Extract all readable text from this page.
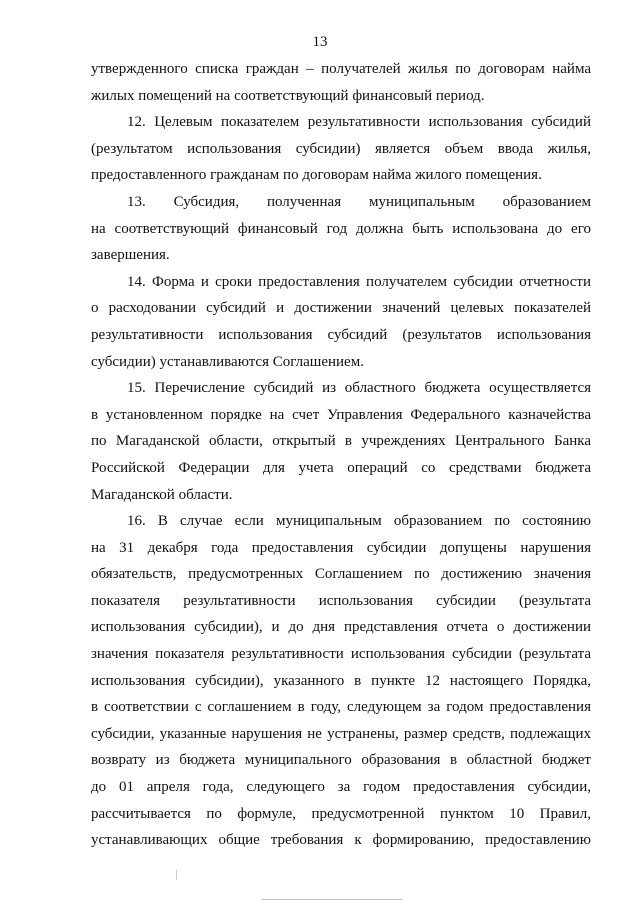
13
утвержденного списка граждан – получателей жилья по договорам найма
жилых помещений на соответствующий финансовый период.
12. Целевым показателем результативности использования субсидий
(результатом использования субсидии) является объем ввода жилья,
предоставленного гражданам по договорам найма жилого помещения.
13. Субсидия, полученная муниципальным образованием
на соответствующий финансовый год должна быть использована до его
завершения.
14. Форма и сроки предоставления получателем субсидии отчетности
о расходовании субсидий и достижении значений целевых показателей
результативности использования субсидий (результатов использования
субсидии) устанавливаются Соглашением.
15. Перечисление субсидий из областного бюджета осуществляется
в установленном порядке на счет Управления Федерального казначейства
по Магаданской области, открытый в учреждениях Центрального Банка
Российской Федерации для учета операций со средствами бюджета
Магаданской области.
16. В случае если муниципальным образованием по состоянию
на 31 декабря года предоставления субсидии допущены нарушения
обязательств, предусмотренных Соглашением по достижению значения
показателя результативности использования субсидии (результата
использования субсидии), и до дня представления отчета о достижении
значения показателя результативности использования субсидии (результата
использования субсидии), указанного в пункте 12 настоящего Порядка,
в соответствии с соглашением в году, следующем за годом предоставления
субсидии, указанные нарушения не устранены, размер средств, подлежащих
возврату из бюджета муниципального образования в областной бюджет
до 01 апреля года, следующего за годом предоставления субсидии,
рассчитывается по формуле, предусмотренной пунктом 10 Правил,
устанавливающих общие требования к формированию, предоставлению
